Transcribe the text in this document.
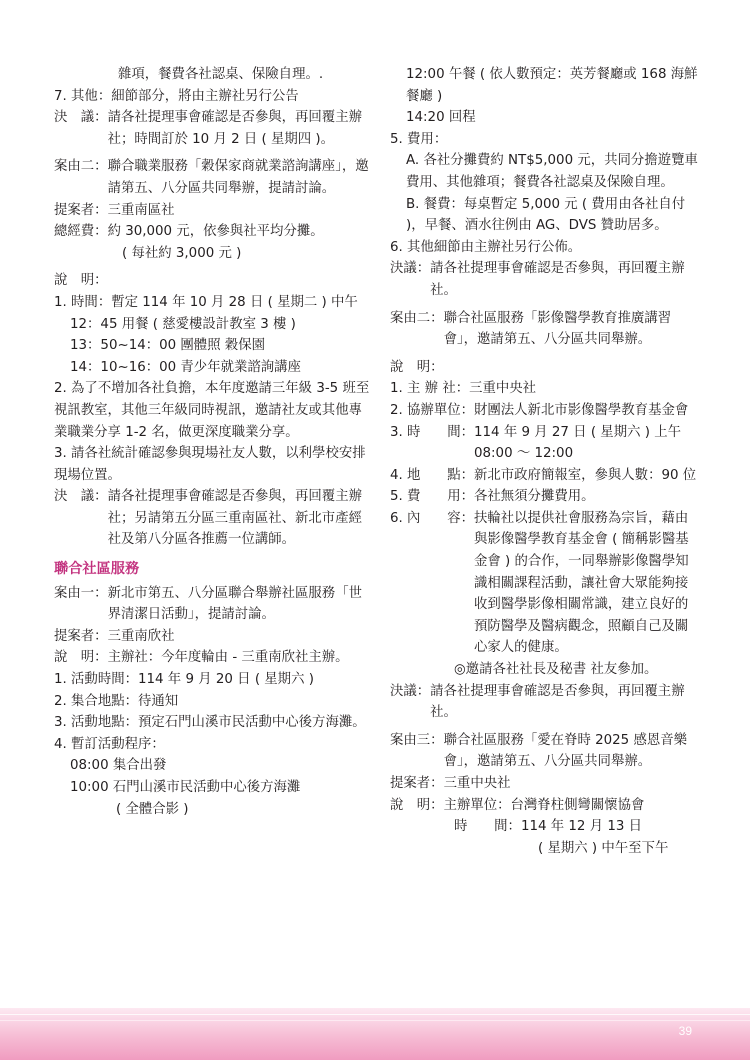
雜項，餐費各社認桌、保險自理。.
7. 其他： 細節部分，將由主辦社另行公告
決　議： 請各社提理事會確認是否參與，再回覆主辦社；時間訂於 10 月 2 日 ( 星期四 )。
案由二： 聯合職業服務「穀保家商就業諮詢講座」，邀請第五、八分區共同舉辦，提請討論。
提案者： 三重南區社
總經費： 約 30,000 元，依參與社平均分攤。
( 每社約 3,000 元 )
說　明：
1. 時間： 暫定 114 年 10 月 28 日 ( 星期二 ) 中午
12：45 用餐 ( 慈愛樓設計教室 3 樓 )
13：50~14：00 團體照 穀保園
14：10~16：00 青少年就業諮詢講座
2. 為了不增加各社負擔，本年度邀請三年級 3-5 班至視訊教室，其他三年級同時視訊，邀請社友或其他專業職業分享 1-2 名，做更深度職業分享。
3. 請各社統計確認參與現場社友人數，以利學校安排現場位置。
決　議： 請各社提理事會確認是否參與，再回覆主辦社；另請第五分區三重南區社、新北市產經社及第八分區各推薦一位講師。
聯合社區服務
案由一： 新北市第五、八分區聯合舉辦社區服務「世界清潔日活動」，提請討論。
提案者： 三重南欣社
說　明： 主辦社：今年度輪由 - 三重南欣社主辦。
1. 活動時間：114 年 9 月 20 日 ( 星期六 )
2. 集合地點：待通知
3. 活動地點：預定石門山溪市民活動中心後方海灘。
4. 暫訂活動程序：
08:00 集合出發
10:00 石門山溪市民活動中心後方海灘
( 全體合影 )
12:00 午餐 ( 依人數預定：英芳餐廳或 168 海鮮餐廳 )
14:20 回程
5. 費用：
A. 各社分攤費約 NT$5,000 元，共同分擔遊覽車費用、其他雜項；餐費各社認桌及保險自理。
B. 餐費：每桌暫定 5,000 元 ( 費用由各社自付 )，早餐、酒水往例由 AG、DVS 贊助居多。
6. 其他細節由主辦社另行公佈。
決議： 請各社提理事會確認是否參與，再回覆主辦社。
案由二： 聯合社區服務「影像醫學教育推廣講習會」，邀請第五、八分區共同舉辦。
說　明：
1. 主 辦 社： 三重中央社
2. 協辦單位： 財團法人新北市影像醫學教育基金會
3. 時　　間： 114 年 9 月 27 日 ( 星期六 ) 上午 08:00 ～ 12:00
4. 地　　點： 新北市政府簡報室，參與人數：90 位
5. 費　　用： 各社無須分攤費用。
6. 內　　容： 扶輪社以提供社會服務為宗旨，藉由與影像醫學教育基金會 ( 簡稱影醫基金會 ) 的合作，一同舉辦影像醫學知識相關課程活動，讓社會大眾能夠接收到醫學影像相關常識，建立良好的預防醫學及醫病觀念，照顧自己及關心家人的健康。
◎邀請各社社長及秘書 社友參加。
決議： 請各社提理事會確認是否參與，再回覆主辦社。
案由三： 聯合社區服務「愛在脊時 2025 感恩音樂會」，邀請第五、八分區共同舉辦。
提案者： 三重中央社
說　明： 主辦單位：台灣脊柱側彎關懷協會
時　　間： 114 年 12 月 13 日
( 星期六 ) 中午至下午
39
